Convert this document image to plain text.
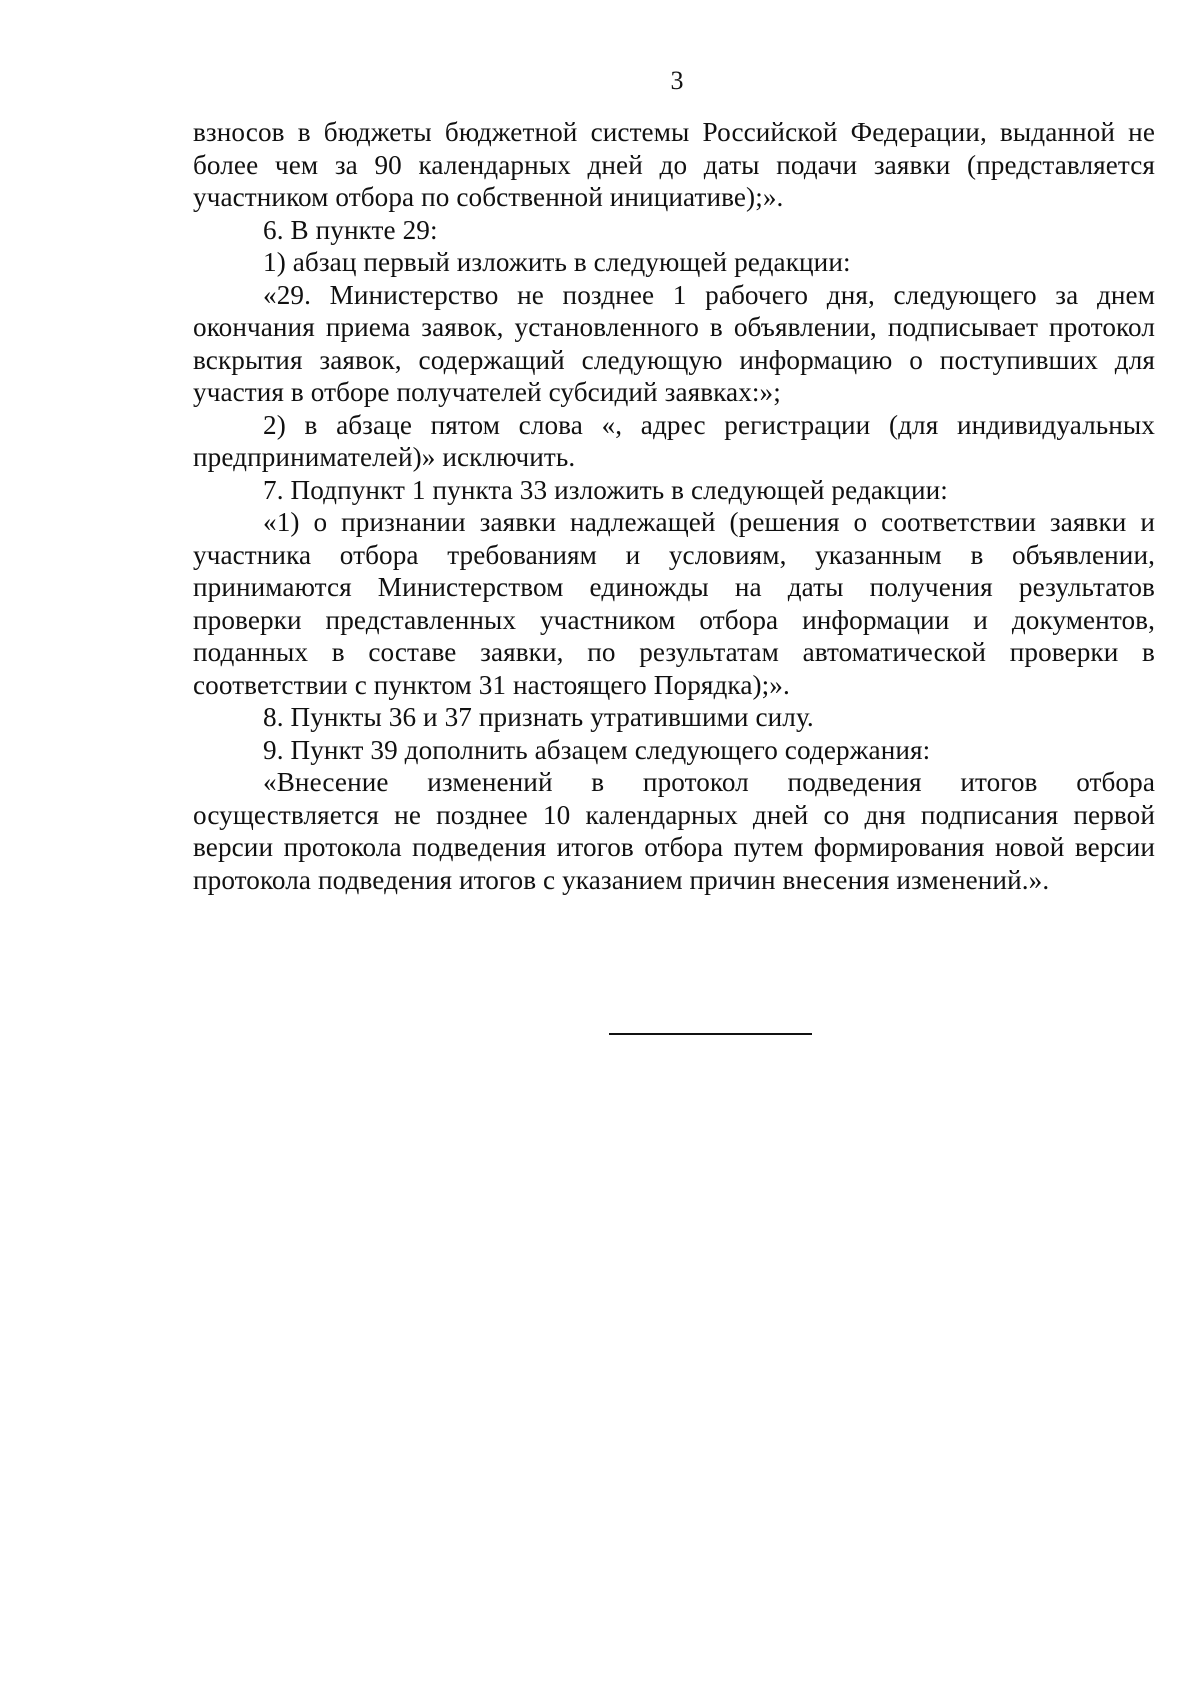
3

взносов в бюджеты бюджетной системы Российской Федерации, выданной не более чем за 90 календарных дней до даты подачи заявки (представляется участником отбора по собственной инициативе);».

6. В пункте 29:

1) абзац первый изложить в следующей редакции:

«29. Министерство не позднее 1 рабочего дня, следующего за днем окончания приема заявок, установленного в объявлении, подписывает протокол вскрытия заявок, содержащий следующую информацию о поступивших для участия в отборе получателей субсидий заявках:»;

2) в абзаце пятом слова «, адрес регистрации (для индивидуальных предпринимателей)» исключить.

7. Подпункт 1 пункта 33 изложить в следующей редакции:

«1) о признании заявки надлежащей (решения о соответствии заявки и участника отбора требованиям и условиям, указанным в объявлении, принимаются Министерством единожды на даты получения результатов проверки представленных участником отбора информации и документов, поданных в составе заявки, по результатам автоматической проверки в соответствии с пунктом 31 настоящего Порядка);».

8. Пункты 36 и 37 признать утратившими силу.

9. Пункт 39 дополнить абзацем следующего содержания:

«Внесение изменений в протокол подведения итогов отбора осуществляется не позднее 10 календарных дней со дня подписания первой версии протокола подведения итогов отбора путем формирования новой версии протокола подведения итогов с указанием причин внесения изменений.».
